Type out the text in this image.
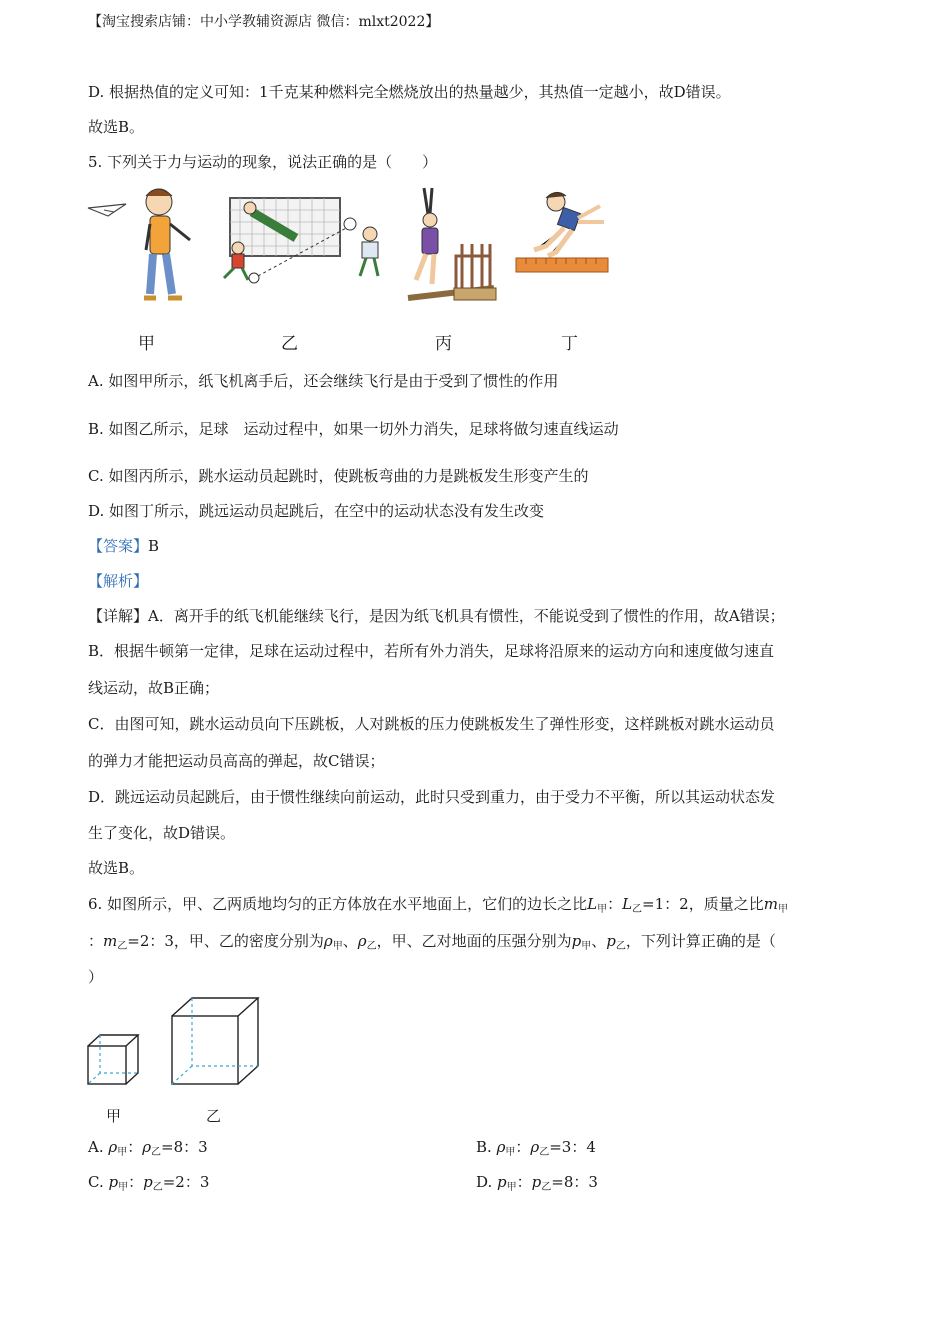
【淘宝搜索店铺：中小学教辅资源店 微信：mlxt2022】
D. 根据热值的定义可知：1千克某种燃料完全燃烧放出的热量越少，其热值一定越小，故D错误。
故选B。
5. 下列关于力与运动的现象，说法正确的是（　　）
甲	乙	丙	丁
A. 如图甲所示，纸飞机离手后，还会继续飞行是由于受到了惯性的作用
B. 如图乙所示，足球　运动过程中，如果一切外力消失，足球将做匀速直线运动
C. 如图丙所示，跳水运动员起跳时，使跳板弯曲的力是跳板发生形变产生的
D. 如图丁所示，跳远运动员起跳后，在空中的运动状态没有发生改变
【答案】B
【解析】
【详解】A．离开手的纸飞机能继续飞行，是因为纸飞机具有惯性，不能说受到了惯性的作用，故A错误；
B．根据牛顿第一定律，足球在运动过程中，若所有外力消失，足球将沿原来的运动方向和速度做匀速直
线运动，故B正确；
C．由图可知，跳水运动员向下压跳板，人对跳板的压力使跳板发生了弹性形变，这样跳板对跳水运动员
的弹力才能把运动员高高的弹起，故C错误；
D．跳远运动员起跳后，由于惯性继续向前运动，此时只受到重力，由于受力不平衡，所以其运动状态发
生了变化，故D错误。
故选B。
6. 如图所示，甲、乙两质地均匀的正方体放在水平地面上，它们的边长之比$L_甲$：$L_乙=1$：2，质量之比$m_甲$
：$m_乙=2$：3，甲、乙的密度分别为$\rho_甲$、$\rho_乙$，甲、乙对地面的压强分别为$p_甲$、$p_乙$，下列计算正确的是（
）
甲	乙
A. $\rho_甲$：$\rho_乙=8$：3	B. $\rho_甲$：$\rho_乙=3$：4
C. $p_甲$：$p_乙=2$：3	D. $p_甲$：$p_乙=8$：3
